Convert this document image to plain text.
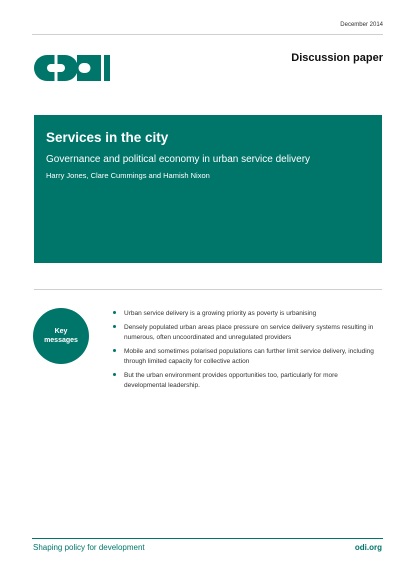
December 2014
Discussion paper
Services in the city
Governance and political economy in urban service delivery
Harry Jones, Clare Cummings and Hamish Nixon
Key
messages
Urban service delivery is a growing priority as poverty is urbanising
Densely populated urban areas place pressure on service delivery systems resulting in numerous, often uncoordinated and unregulated providers
Mobile and sometimes polarised populations can further limit service delivery, including through limited capacity for collective action
But the urban environment provides opportunities too, particularly for more developmental leadership.
Shaping policy for development	odi.org
